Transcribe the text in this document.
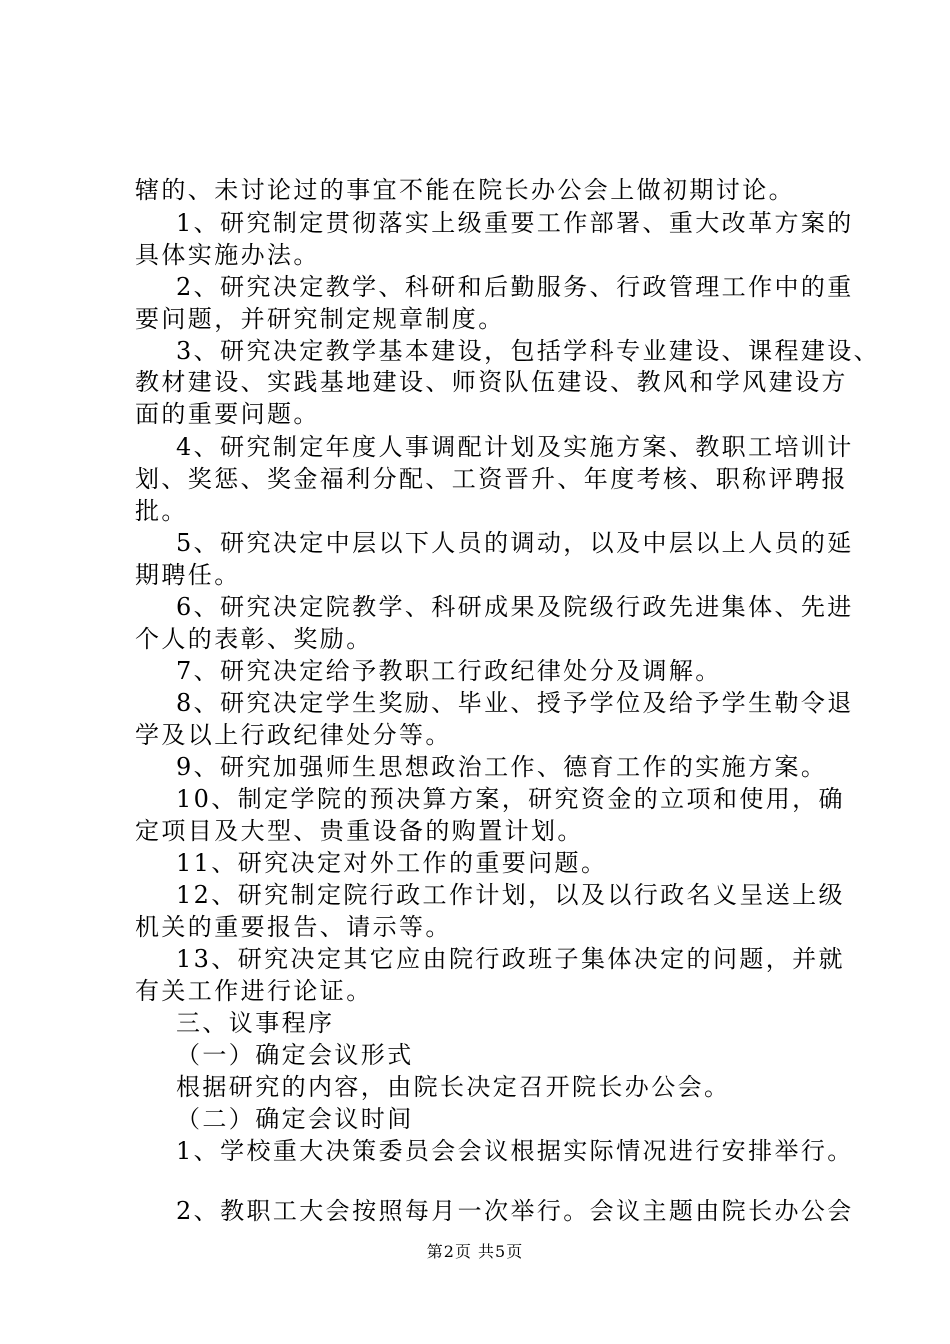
辖的、未讨论过的事宜不能在院长办公会上做初期讨论。
1、研究制定贯彻落实上级重要工作部署、重大改革方案的
具体实施办法。
2、研究决定教学、科研和后勤服务、行政管理工作中的重
要问题，并研究制定规章制度。
3、研究决定教学基本建设，包括学科专业建设、课程建设、
教材建设、实践基地建设、师资队伍建设、教风和学风建设方
面的重要问题。
4、研究制定年度人事调配计划及实施方案、教职工培训计
划、奖惩、奖金福利分配、工资晋升、年度考核、职称评聘报
批。
5、研究决定中层以下人员的调动，以及中层以上人员的延
期聘任。
6、研究决定院教学、科研成果及院级行政先进集体、先进
个人的表彰、奖励。
7、研究决定给予教职工行政纪律处分及调解。
8、研究决定学生奖励、毕业、授予学位及给予学生勒令退
学及以上行政纪律处分等。
9、研究加强师生思想政治工作、德育工作的实施方案。
10、制定学院的预决算方案，研究资金的立项和使用，确
定项目及大型、贵重设备的购置计划。
11、研究决定对外工作的重要问题。
12、研究制定院行政工作计划，以及以行政名义呈送上级
机关的重要报告、请示等。
13、研究决定其它应由院行政班子集体决定的问题，并就
有关工作进行论证。
三、议事程序
（一）确定会议形式
根据研究的内容，由院长决定召开院长办公会。
（二）确定会议时间
1、学校重大决策委员会会议根据实际情况进行安排举行。
2、教职工大会按照每月一次举行。会议主题由院长办公会
第2页 共5页
